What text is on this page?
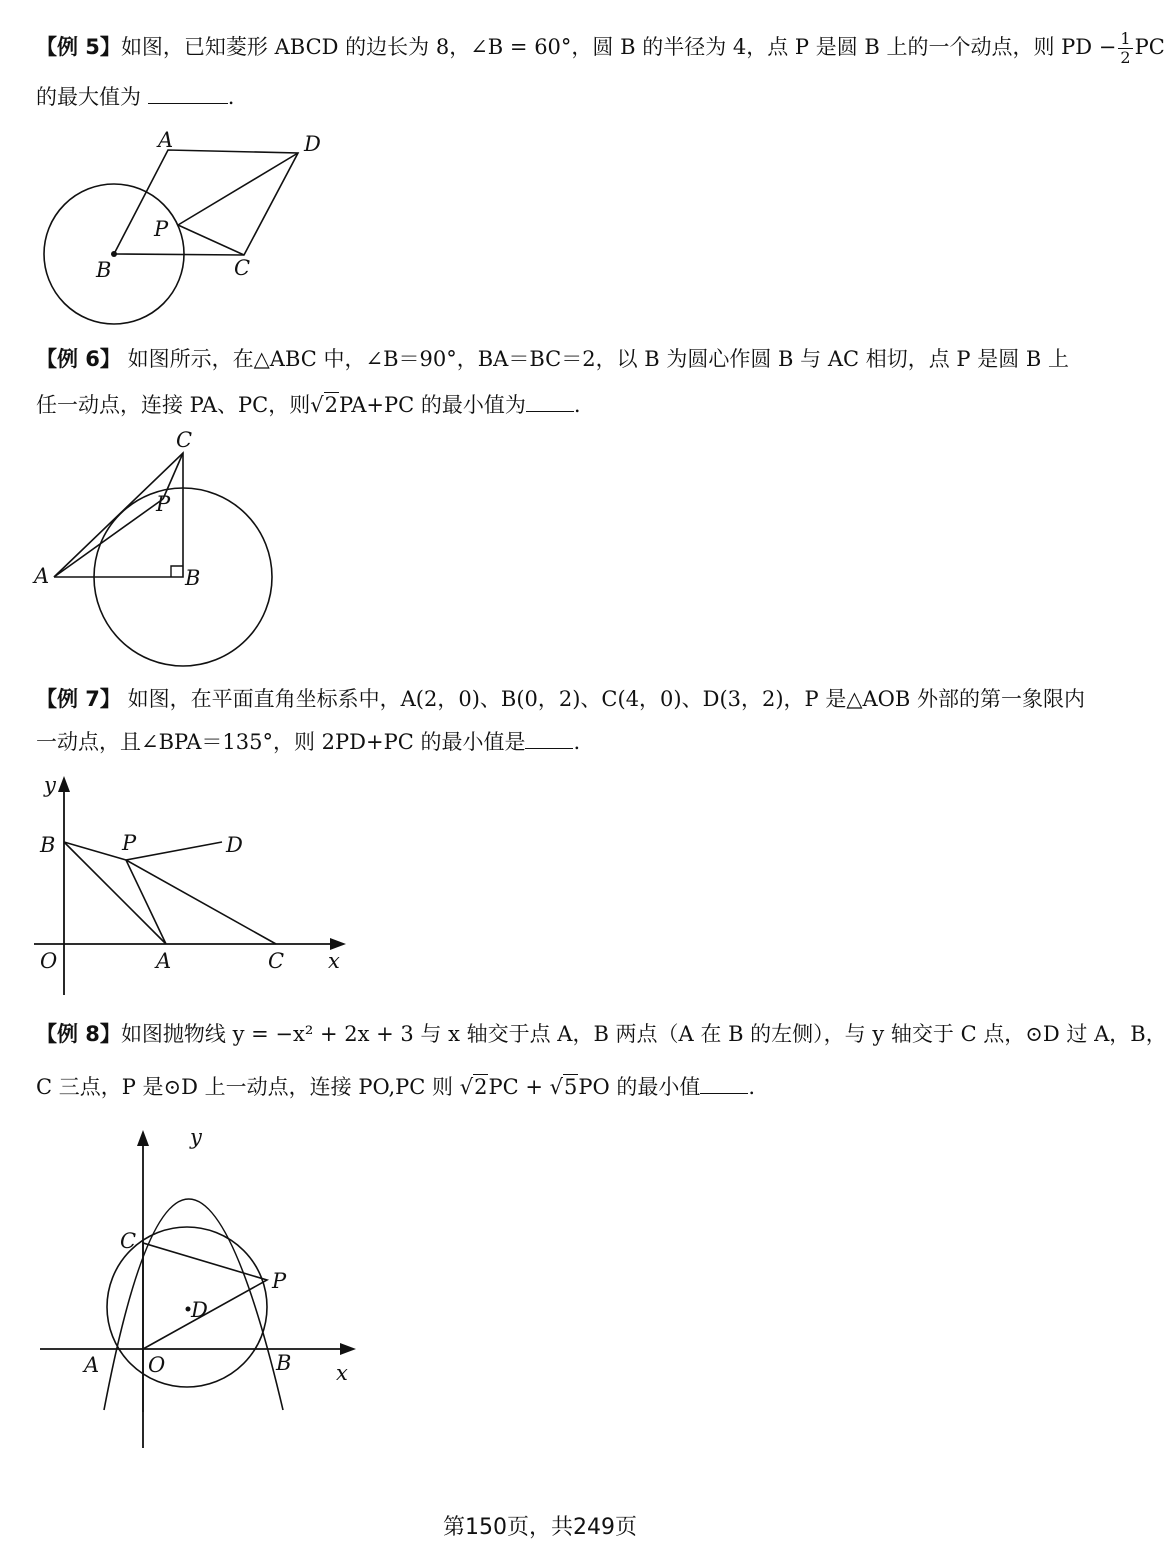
【例 5】如图，已知菱形 ABCD 的边长为 8，∠B = 60°，圆 B 的半径为 4，点 P 是圆 B 上的一个动点，则 PD − $\frac{1}{2}$ PC
的最大值为	.
A	D
P
B	C
【例 6】 如图所示，在△ABC 中，∠B＝90°，BA＝BC＝2，以 B 为圆心作圆 B 与 AC 相切，点 P 是圆 B 上
任一动点，连接 PA、PC，则√2PA+PC 的最小值为 .
C
P
A	B
【例 7】 如图，在平面直角坐标系中，A(2，0)、B(0，2)、C(4，0)、D(3，2)，P 是△AOB 外部的第一象限内
一动点，且∠BPA＝135°，则 2PD+PC 的最小值是 .
y
B	P	D
O	A	C x
【例 8】如图抛物线 y = −x² + 2x + 3 与 x 轴交于点 A，B 两点（A 在 B 的左侧），与 y 轴交于 C 点，⊙D 过 A，B，
C 三点，P 是⊙D 上一动点，连接 PO,PC 则 √2PC + √5PO 的最小值 .
y
C
P
D
A O	B x
第150页，共249页
